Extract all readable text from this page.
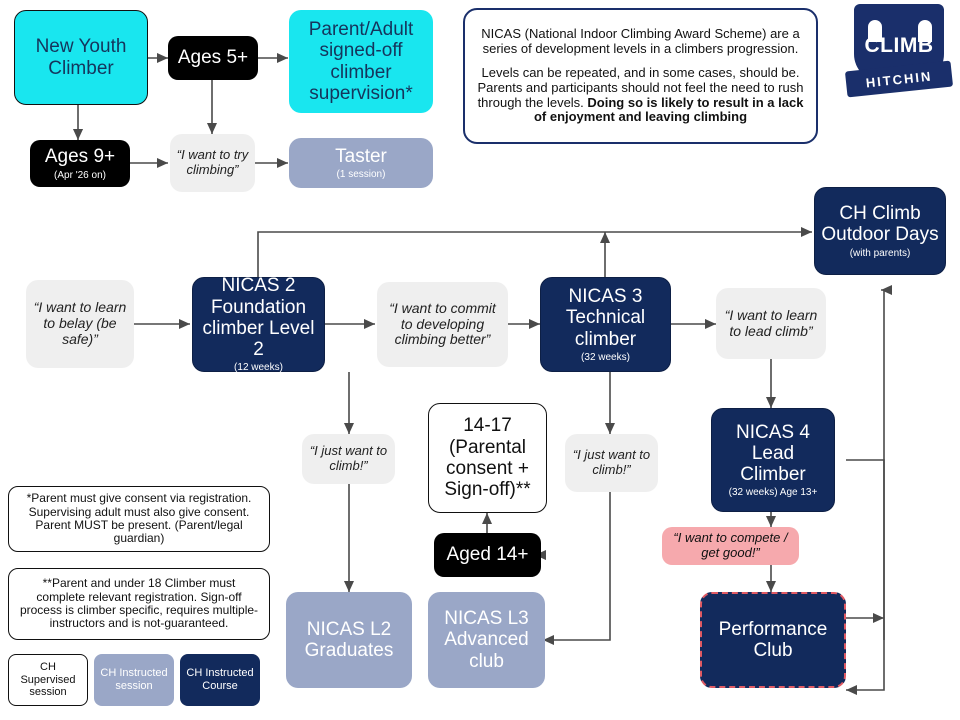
New Youth Climber	Ages 5+
Parent/Adult signed-off climber supervision*
Ages 9+
(Apr '26 on)
“I want to try climbing”
Taster
(1 session)
NICAS (National Indoor Climbing Award Scheme) are a series of development levels in a climbers progression.
Levels can be repeated, and in some cases, should be. Parents and participants should not feel the need to rush through the levels. Doing so is likely to result in a lack of enjoyment and leaving climbing
CLIMB
HITCHIN
CH Climb Outdoor Days
(with parents)
“I want to learn to belay (be safe)”
NICAS 2 Foundation climber Level 2
(12 weeks)
“I want to commit to developing climbing better”
NICAS 3 Technical climber
(32 weeks)
“I want to learn to lead climb”
NICAS 4 Lead Climber
(32 weeks) Age 13+
“I just want to climb!”
14-17 (Parental consent + Sign-off)**
“I just want to climb!”
Aged 14+
“I want to compete / get good!”
NICAS L2 Graduates
NICAS L3 Advanced club
Performance Club
*Parent must give consent via registration. Supervising adult must also give consent. Parent MUST be present. (Parent/legal guardian)
**Parent and under 18 Climber must complete relevant registration. Sign-off process is climber specific, requires multiple-instructors and is not-guaranteed.
CH Supervised session
CH Instructed session
CH Instructed Course
